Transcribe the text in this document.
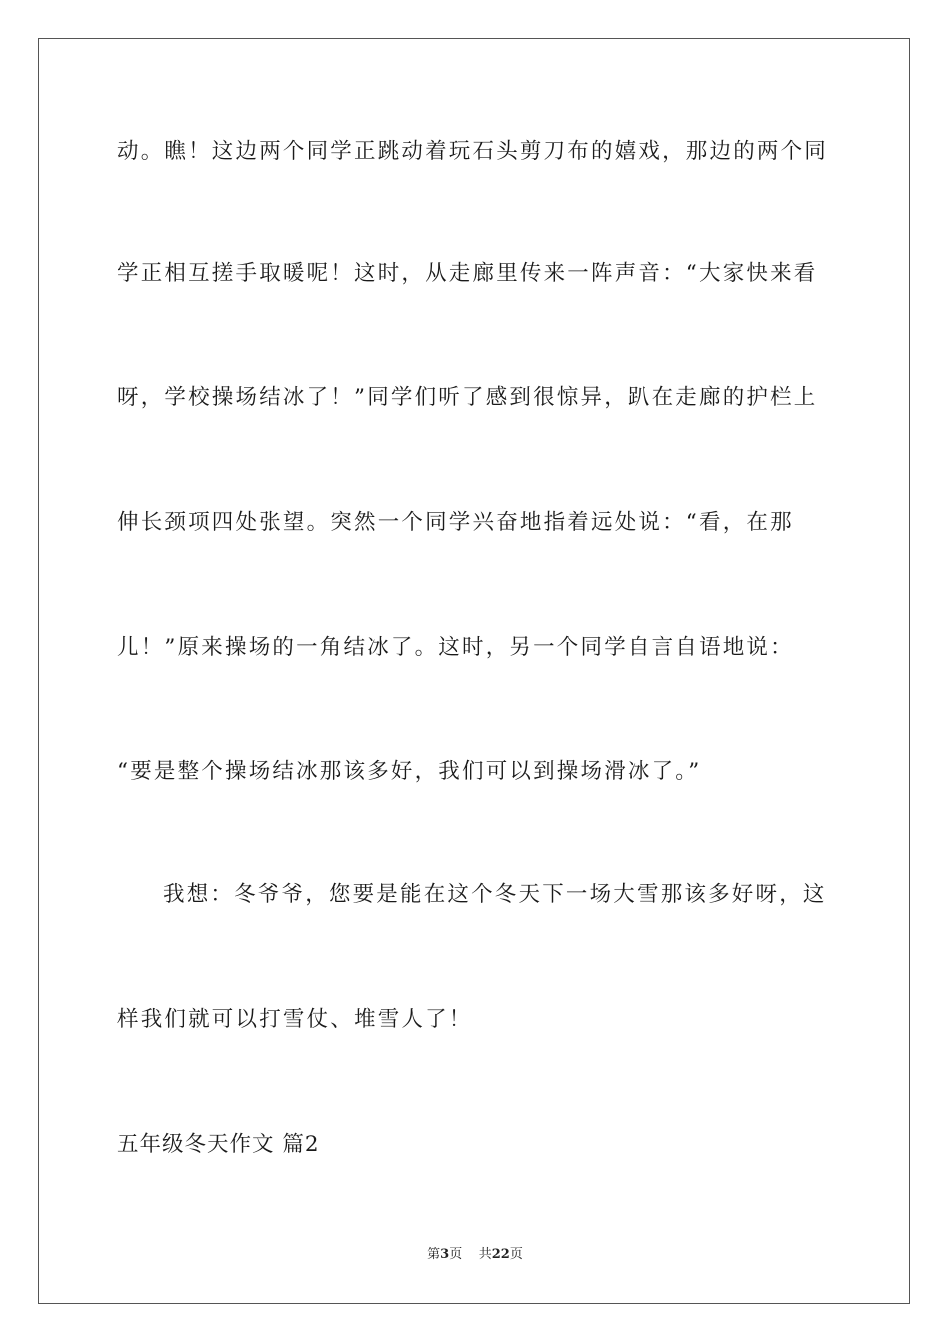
动。瞧！这边两个同学正跳动着玩石头剪刀布的嬉戏，那边的两个同
学正相互搓手取暖呢！这时，从走廊里传来一阵声音：“大家快来看
呀，学校操场结冰了！”同学们听了感到很惊异，趴在走廊的护栏上
伸长颈项四处张望。突然一个同学兴奋地指着远处说：“看，在那
儿！”原来操场的一角结冰了。这时，另一个同学自言自语地说：
“要是整个操场结冰那该多好，我们可以到操场滑冰了。”
我想：冬爷爷，您要是能在这个冬天下一场大雪那该多好呀，这
样我们就可以打雪仗、堆雪人了！
五年级冬天作文 篇2
第3页 共22页
